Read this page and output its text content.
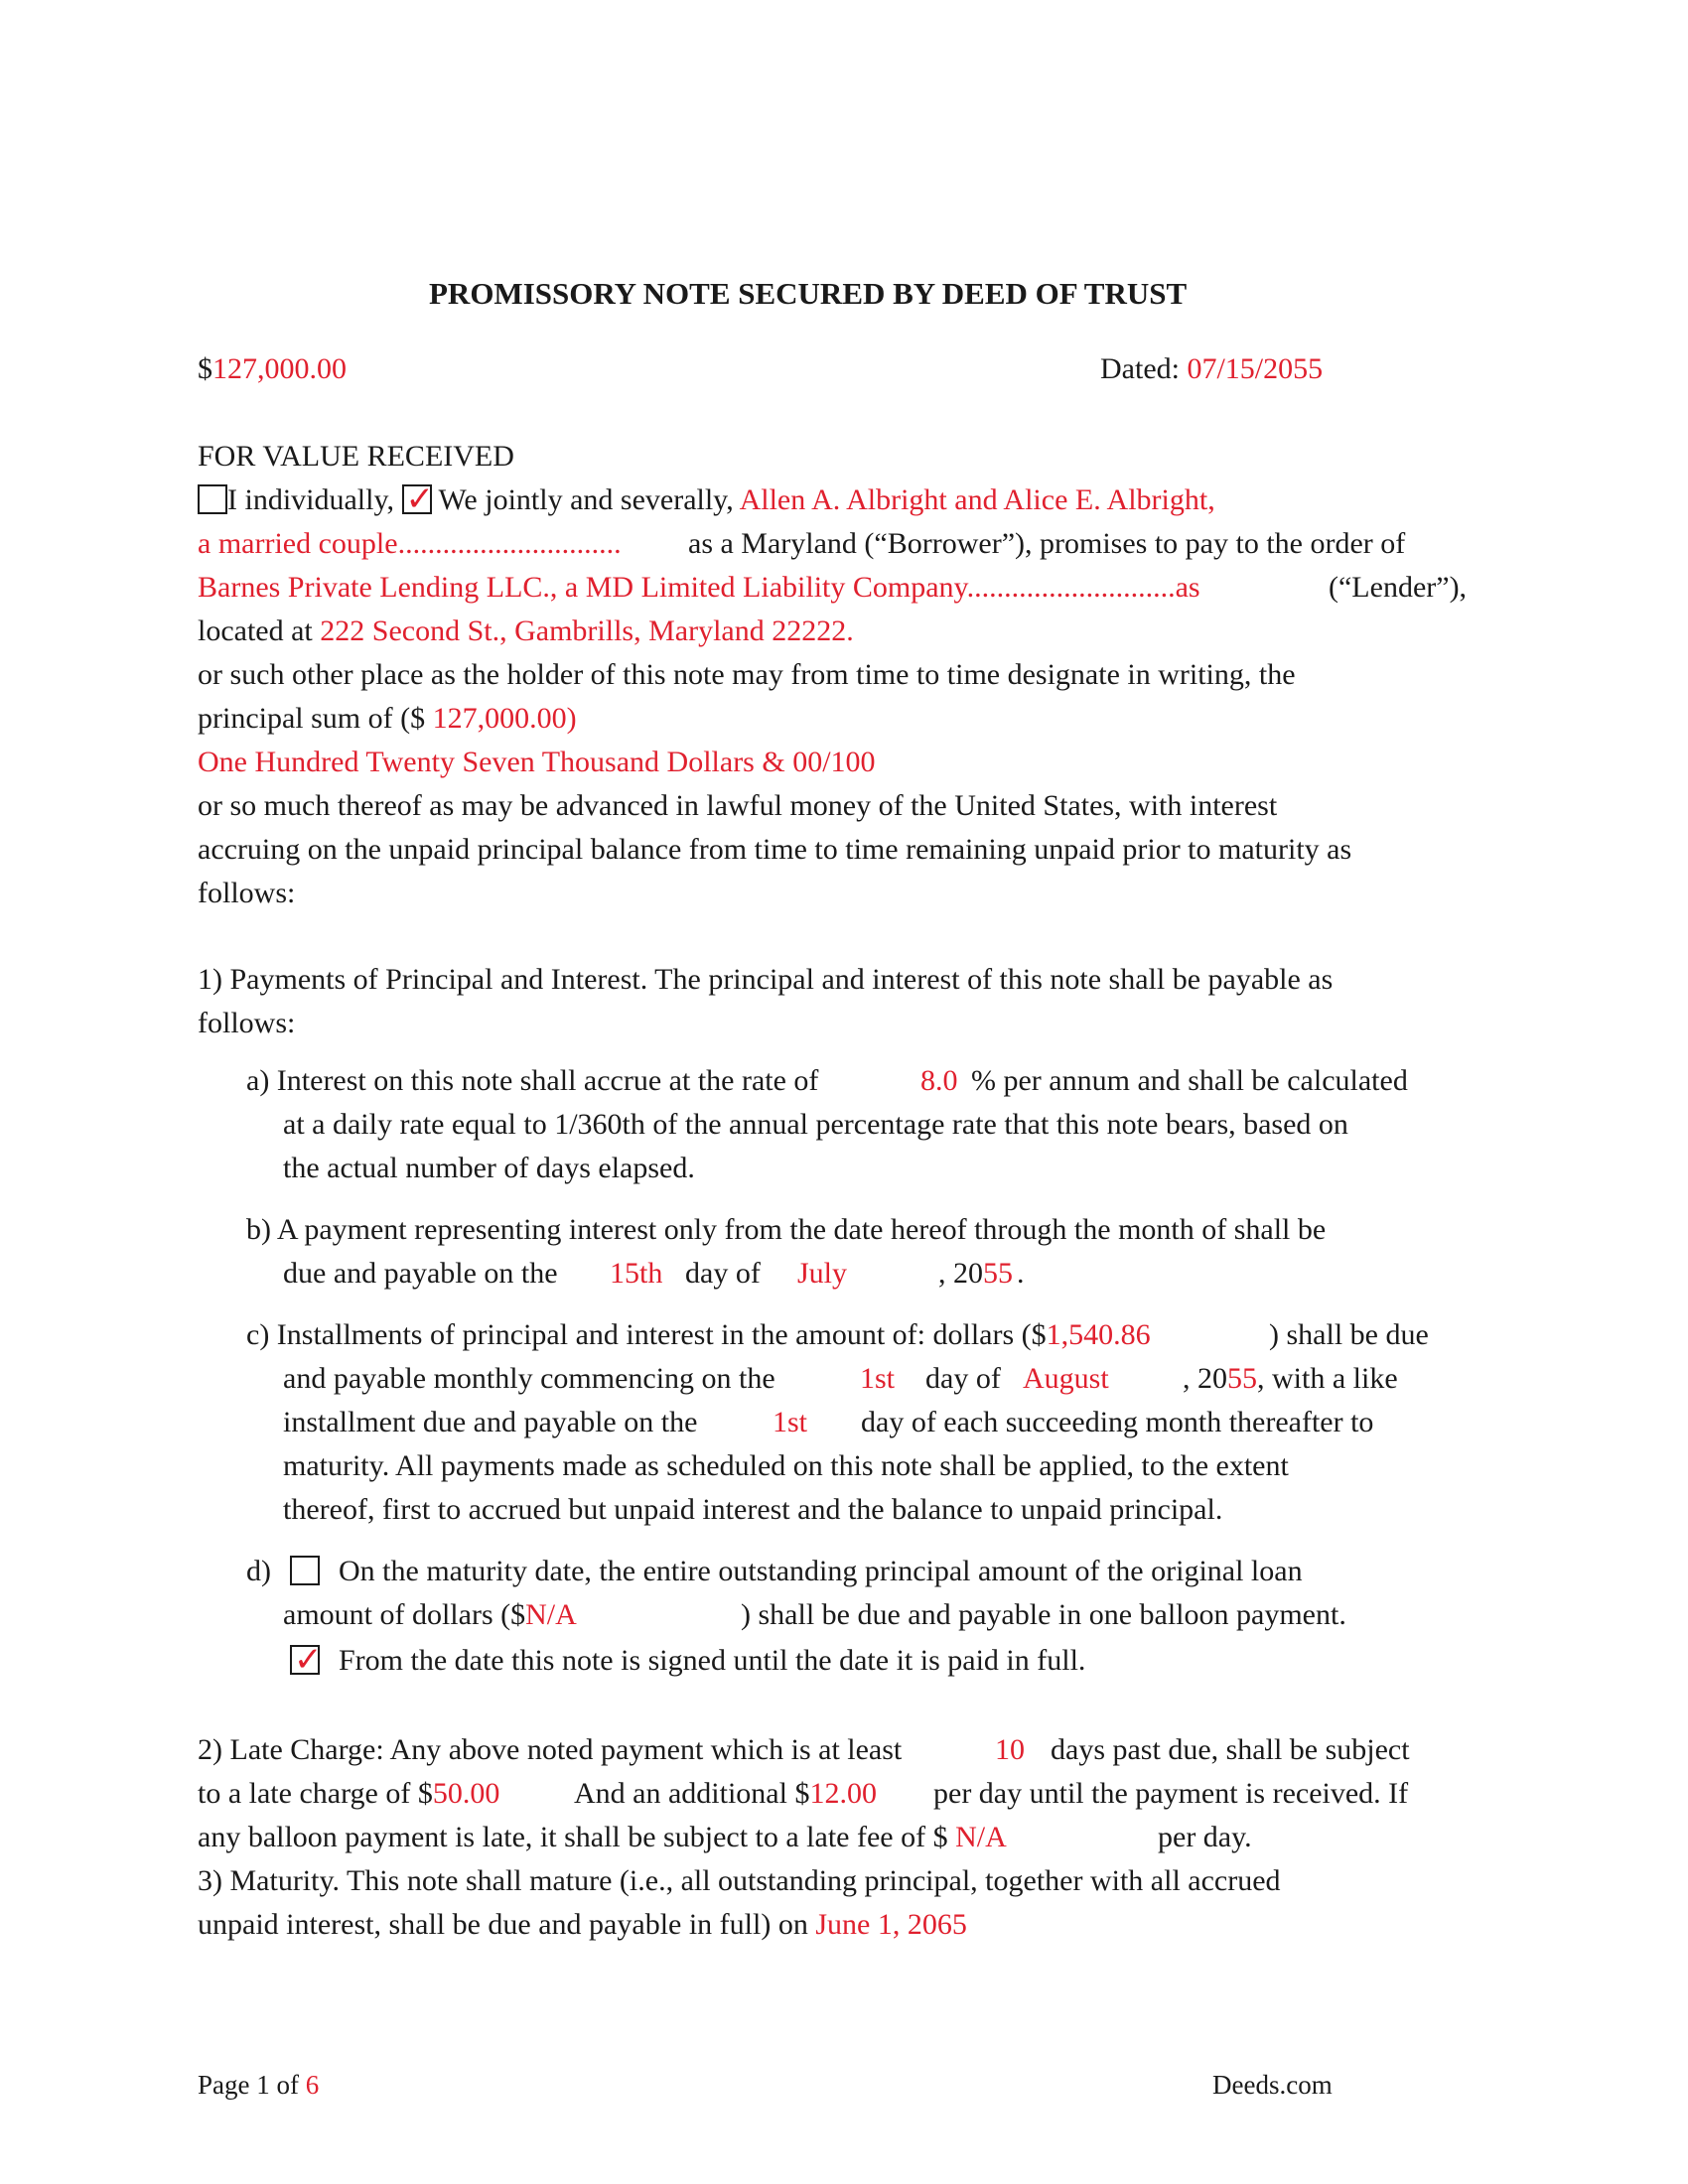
PROMISSORY NOTE SECURED BY DEED OF TRUST
$127,000.00	Dated: 07/15/2055
FOR VALUE RECEIVED
I individually, ✓ We jointly and severally, Allen A. Albright and Alice E. Albright,
a married couple.............................. as a Maryland (“Borrower”), promises to pay to the order of
Barnes Private Lending LLC., a MD Limited Liability Company............................as	(“Lender”),
located at 222 Second St., Gambrills, Maryland 22222.
or such other place as the holder of this note may from time to time designate in writing, the
principal sum of ($ 127,000.00)
One Hundred Twenty Seven Thousand Dollars & 00/100
or so much thereof as may be advanced in lawful money of the United States, with interest
accruing on the unpaid principal balance from time to time remaining unpaid prior to maturity as
follows:
1) Payments of Principal and Interest. The principal and interest of this note shall be payable as
follows:
a) Interest on this note shall accrue at the rate of	8.0 % per annum and shall be calculated
at a daily rate equal to 1/360th of the annual percentage rate that this note bears, based on
the actual number of days elapsed.
b) A payment representing interest only from the date hereof through the month of shall be
due and payable on the 15th day of July	, 2055 .
c) Installments of principal and interest in the amount of: dollars ($1,540.86	) shall be due
and payable monthly commencing on the	1st day of August , 2055, with a like
installment due and payable on the	1st day of each succeeding month thereafter to
maturity. All payments made as scheduled on this note shall be applied, to the extent
thereof, first to accrued but unpaid interest and the balance to unpaid principal.
d) On the maturity date, the entire outstanding principal amount of the original loan
amount of dollars ($N/A	) shall be due and payable in one balloon payment.
✓
From the date this note is signed until the date it is paid in full.
2) Late Charge: Any above noted payment which is at least	10 days past due, shall be subject
to a late charge of $50.00 And an additional $12.00 per day until the payment is received. If
any balloon payment is late, it shall be subject to a late fee of $ N/A	per day.
3) Maturity. This note shall mature (i.e., all outstanding principal, together with all accrued
unpaid interest, shall be due and payable in full) on June 1, 2065
Page 1 of 6	Deeds.com
